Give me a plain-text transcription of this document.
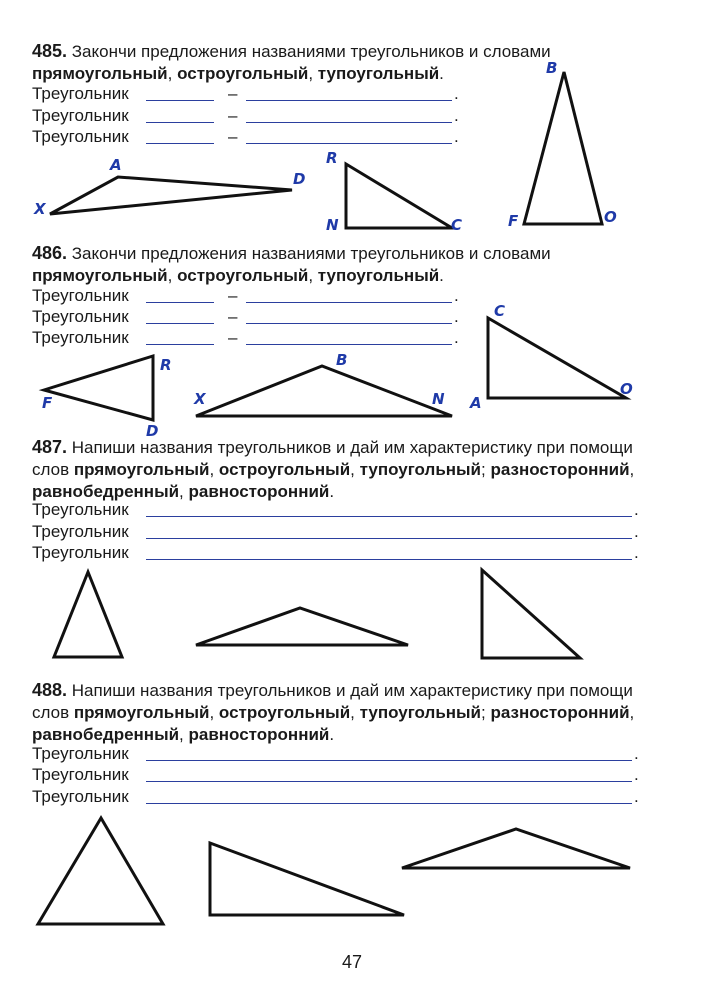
485. Закончи предложения названиями треугольников и словами прямоугольный, остроугольный, тупоугольный.
Треугольник	–	.
Треугольник	–	.
Треугольник	–	.
486. Закончи предложения названиями треугольников и словами прямоугольный, остроугольный, тупоугольный.
Треугольник	–	.
Треугольник	–	.
Треугольник	–	.
487. Напиши названия треугольников и дай им характеристику при помощи слов прямоугольный, остроугольный, тупоугольный; разносторонний, равнобедренный, равносторонний.
Треугольник	.
Треугольник	.
Треугольник	.
488. Напиши названия треугольников и дай им характеристику при помощи слов прямоугольный, остроугольный, тупоугольный; разносторонний, равнобедренный, равносторонний.
Треугольник	.
Треугольник	.
Треугольник	.
A
X
D
R
N	C
B
F	O
R
F
D
B
X	N
C
A
O
47
